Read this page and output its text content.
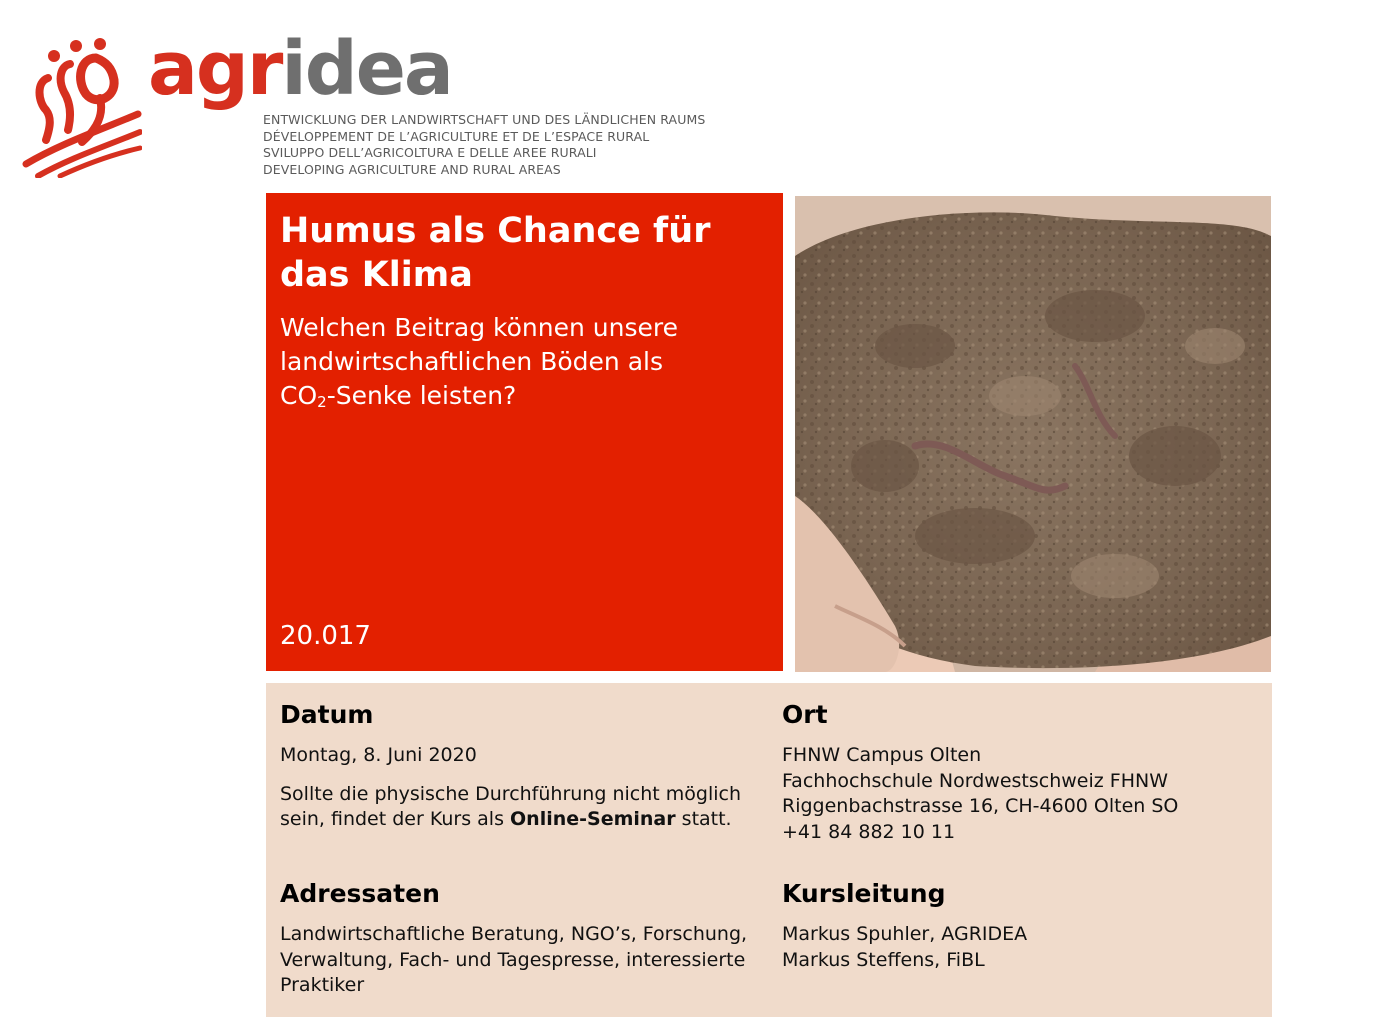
agridea
ENTWICKLUNG DER LANDWIRTSCHAFT UND DES LÄNDLICHEN RAUMS
DÉVELOPPEMENT DE L’AGRICULTURE ET DE L’ESPACE RURAL
SVILUPPO DELL’AGRICOLTURA E DELLE AREE RURALI
DEVELOPING AGRICULTURE AND RURAL AREAS
Humus als Chance für
das Klima
Welchen Beitrag können unsere
landwirtschaftlichen Böden als
$CO_2$-Senke leisten?
20.017
Datum
Montag, 8. Juni 2020
Sollte die physische Durchführung nicht möglich
sein, findet der Kurs als Online-Seminar statt.
Ort
FHNW Campus Olten
Fachhochschule Nordwestschweiz FHNW
Riggenbachstrasse 16, CH-4600 Olten SO
+41 84 882 10 11
Adressaten
Landwirtschaftliche Beratung, NGO’s, Forschung,
Verwaltung, Fach- und Tagespresse, interessierte
Praktiker
Kursleitung
Markus Spuhler, AGRIDEA
Markus Steffens, FiBL
